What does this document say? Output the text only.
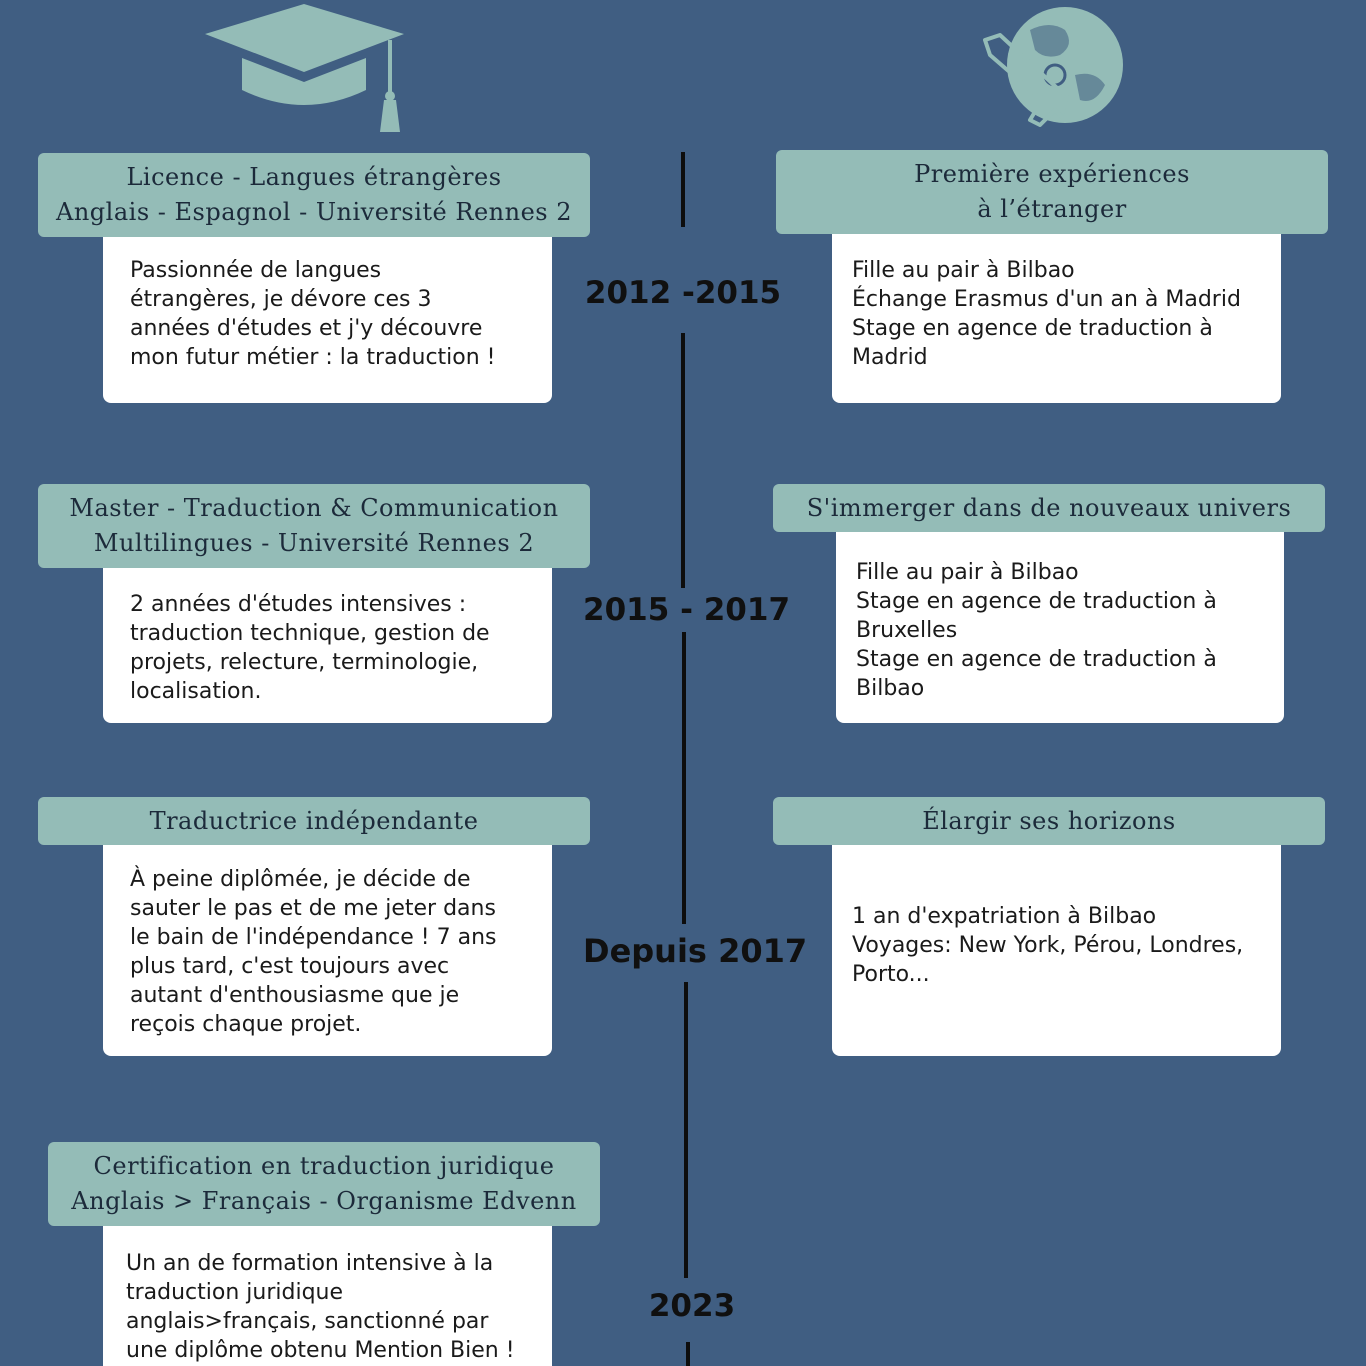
2012 -2015
2015 - 2017
Depuis 2017
2023
Licence - Langues étrangères
Anglais - Espagnol - Université Rennes 2
Passionnée de langues
étrangères, je dévore ces 3
années d'études et j'y découvre
mon futur métier : la traduction !
Master - Traduction & Communication
Multilingues - Université Rennes 2
2 années d'études intensives :
traduction technique, gestion de
projets, relecture, terminologie,
localisation.
Traductrice indépendante
À peine diplômée, je décide de
sauter le pas et de me jeter dans
le bain de l'indépendance ! 7 ans
plus tard, c'est toujours avec
autant d'enthousiasme que je
reçois chaque projet.
Certification en traduction juridique
Anglais > Français - Organisme Edvenn
Un an de formation intensive à la
traduction juridique
anglais>français, sanctionné par
une diplôme obtenu Mention Bien !
Première expériences
à l’étranger
Fille au pair à Bilbao
Échange Erasmus d'un an à Madrid
Stage en agence de traduction à
Madrid
S'immerger dans de nouveaux univers
Fille au pair à Bilbao
Stage en agence de traduction à
Bruxelles
Stage en agence de traduction à
Bilbao
Élargir ses horizons
1 an d'expatriation à Bilbao
Voyages: New York, Pérou, Londres,
Porto...
